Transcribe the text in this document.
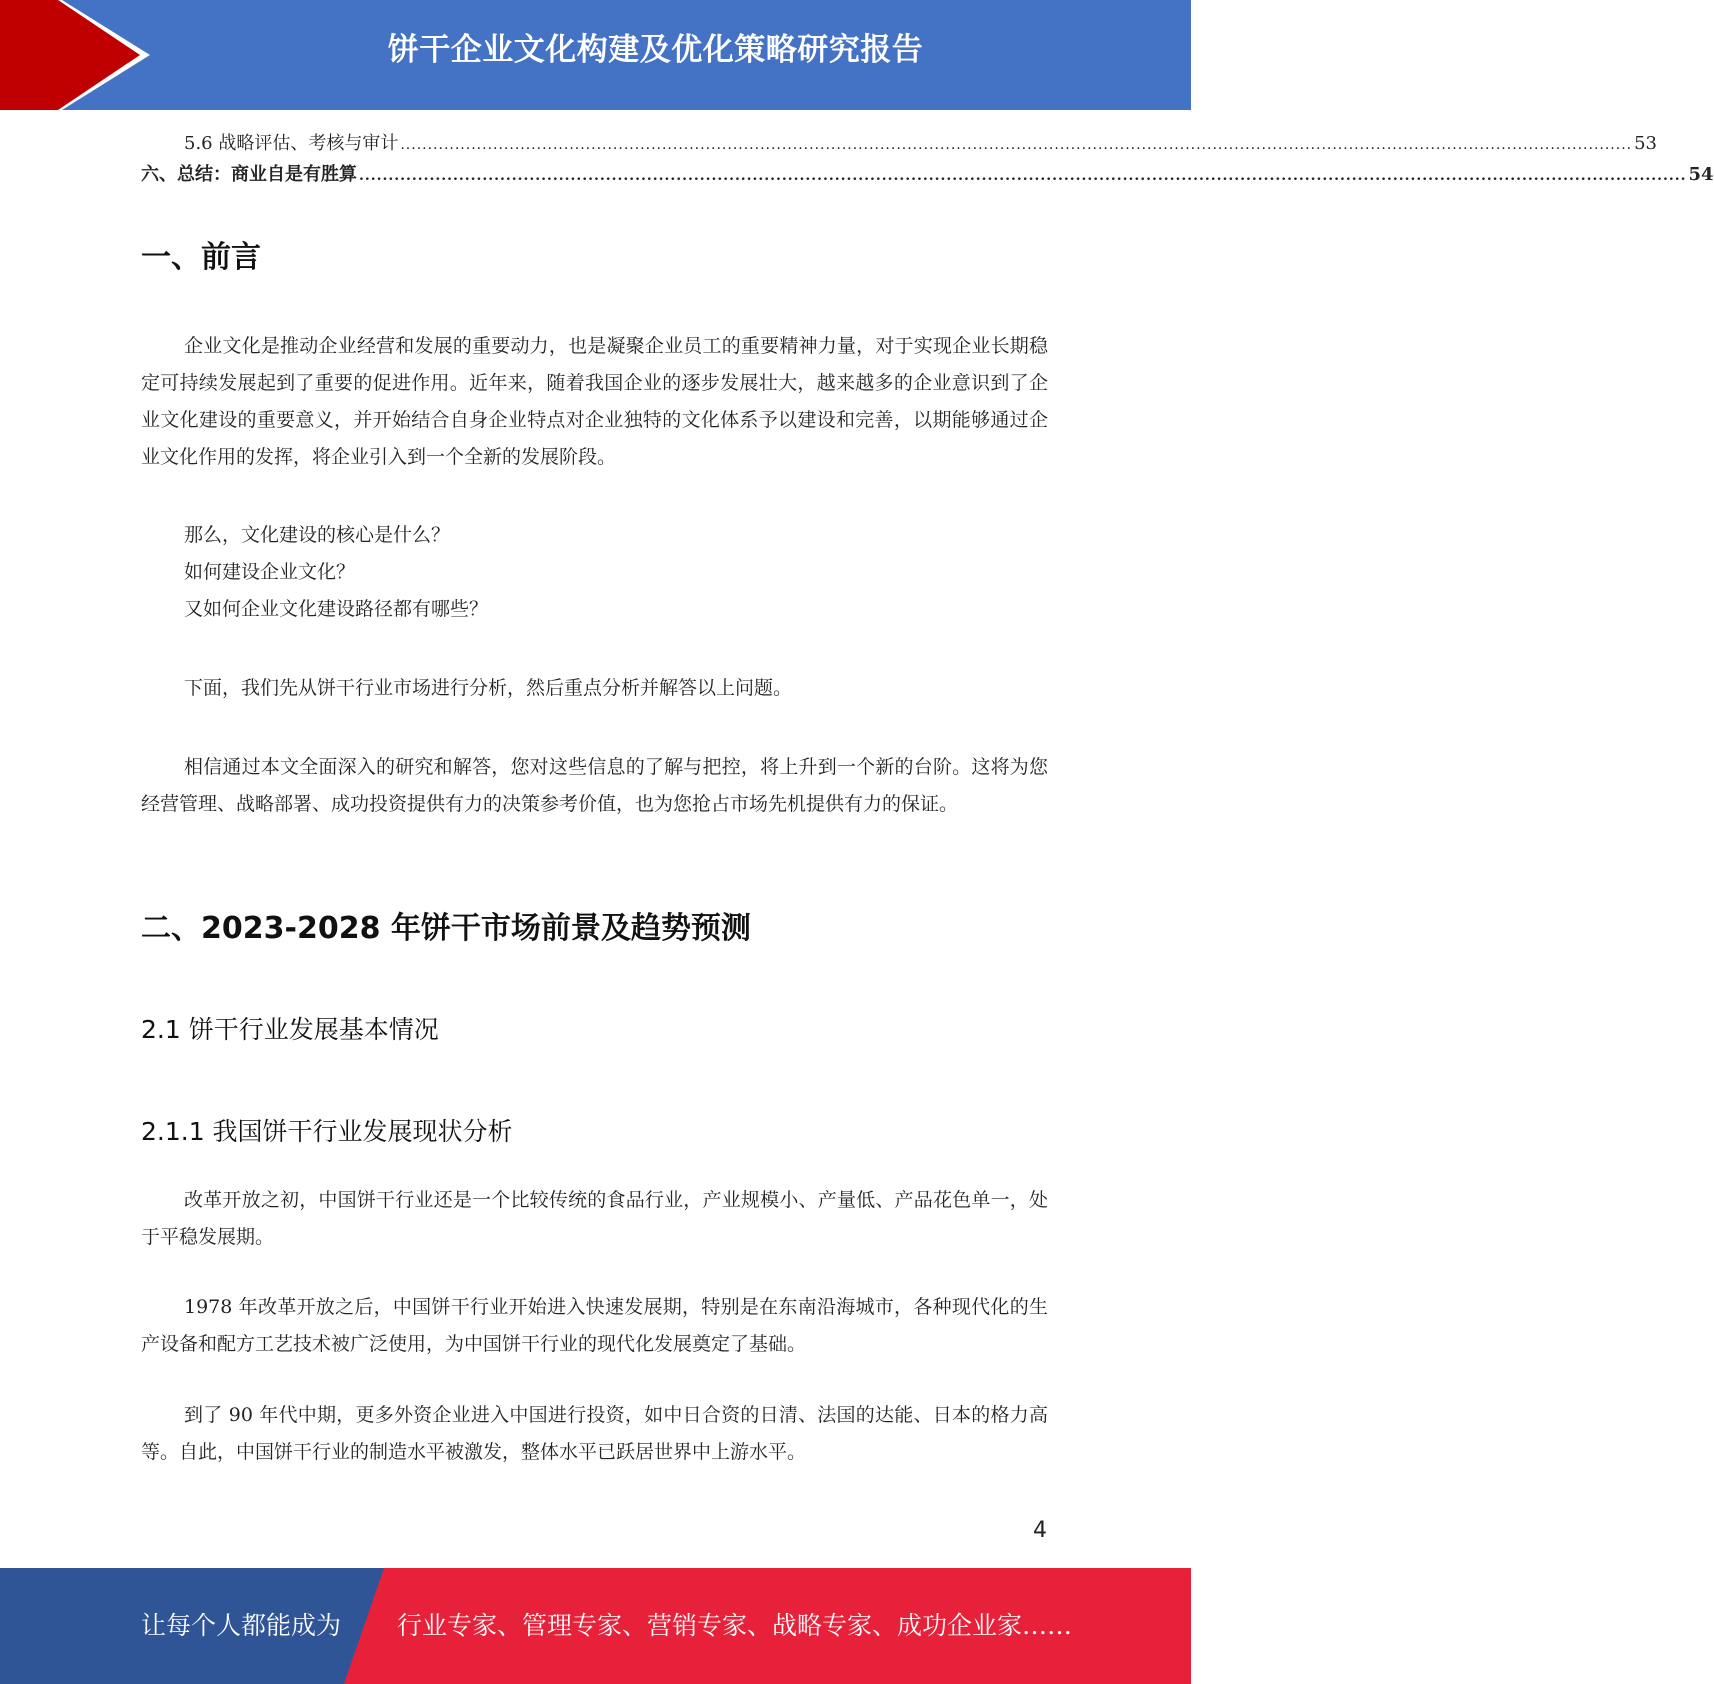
饼干企业文化构建及优化策略研究报告
5.6 战略评估、考核与审计 .................................................................................................................................................................................................................................. 53
六、总结：商业自是有胜算 .................................................................................................................................................................................................................................. 54
一、前言

企业文化是推动企业经营和发展的重要动力，也是凝聚企业员工的重要精神力量，对于实现企业长期稳定可持续发展起到了重要的促进作用。近年来，随着我国企业的逐步发展壮大，越来越多的企业意识到了企业文化建设的重要意义，并开始结合自身企业特点对企业独特的文化体系予以建设和完善，以期能够通过企业文化作用的发挥，将企业引入到一个全新的发展阶段。

那么，文化建设的核心是什么？
如何建设企业文化？
又如何企业文化建设路径都有哪些？

下面，我们先从饼干行业市场进行分析，然后重点分析并解答以上问题。

相信通过本文全面深入的研究和解答，您对这些信息的了解与把控，将上升到一个新的台阶。这将为您经营管理、战略部署、成功投资提供有力的决策参考价值，也为您抢占市场先机提供有力的保证。

二、2023-2028 年饼干市场前景及趋势预测
2.1 饼干行业发展基本情况
2.1.1 我国饼干行业发展现状分析

改革开放之初，中国饼干行业还是一个比较传统的食品行业，产业规模小、产量低、产品花色单一，处于平稳发展期。

1978 年改革开放之后，中国饼干行业开始进入快速发展期，特别是在东南沿海城市，各种现代化的生产设备和配方工艺技术被广泛使用，为中国饼干行业的现代化发展奠定了基础。

到了 90 年代中期，更多外资企业进入中国进行投资，如中日合资的日清、法国的达能、日本的格力高等。自此，中国饼干行业的制造水平被激发，整体水平已跃居世界中上游水平。

4
让每个人都能成为 行业专家、管理专家、营销专家、战略专家、成功企业家……
